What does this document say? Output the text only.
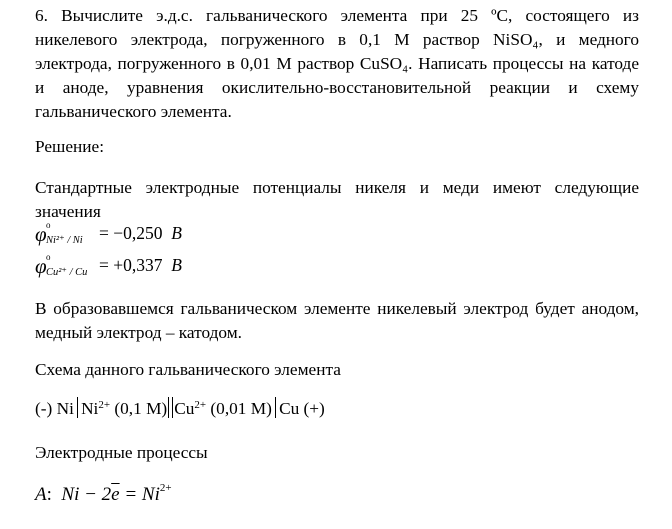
6. Вычислите э.д.с. гальванического элемента при 25 ºС, состоящего из никелевого электрода, погруженного в 0,1 М раствор NiSO₄, и медного электрода, погруженного в 0,01 М раствор CuSO₄. Написать процессы на катоде и аноде, уравнения окислительно-восстановительной реакции и схему гальванического элемента.

Решение:

Стандартные электродные потенциалы никеля и меди имеют следующие значения

φ o
Ni²⁺ / Ni = −0,250 B
φ o
Cu²⁺ / Cu = +0,337 B

В образовавшемся гальваническом элементе никелевый электрод будет анодом, медный электрод – катодом.

Схема данного гальванического элемента

(-) Ni $Ni^{2+}$ (0,1 M) $Cu^{2+}$ (0,01 M) Cu (+)

Электродные процессы

A: $Ni - 2\overline{e} = Ni^{2+}$
